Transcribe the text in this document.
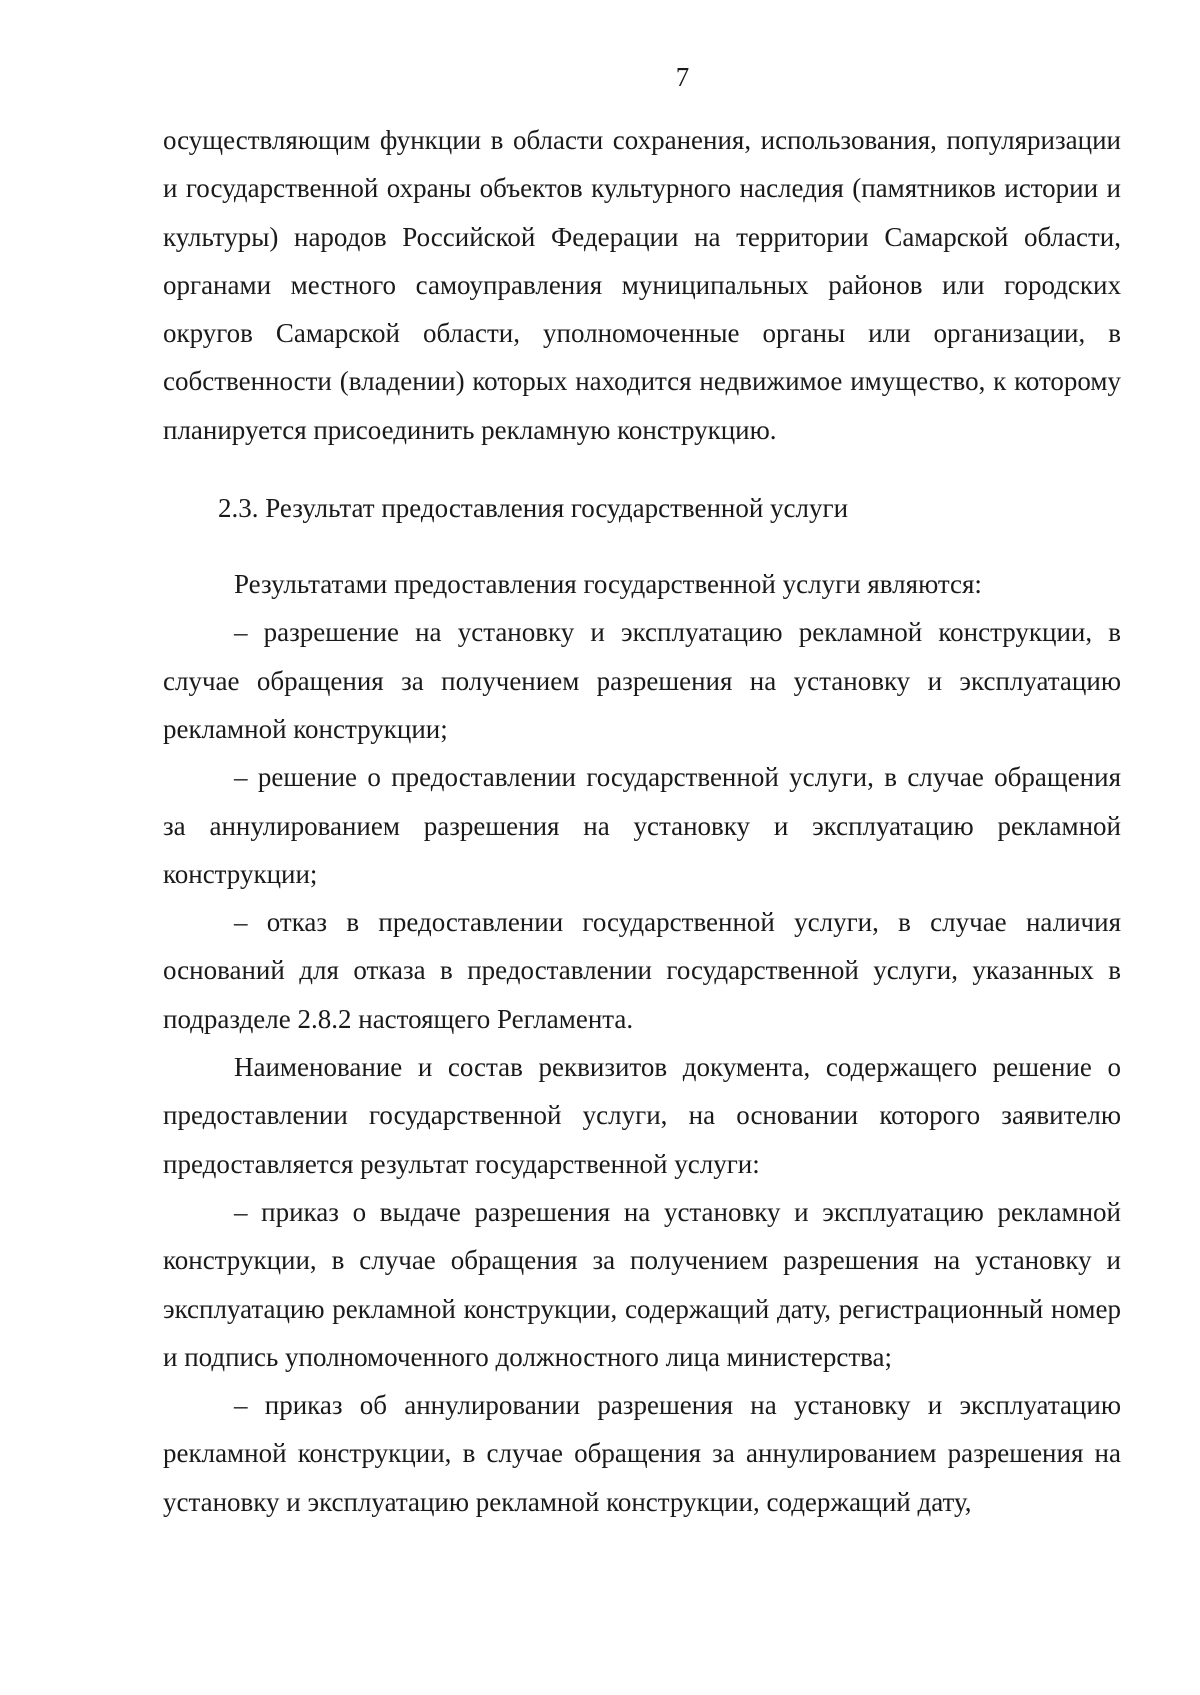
7

осуществляющим функции в области сохранения, использования, популяризации и государственной охраны объектов культурного наследия (памятников истории и культуры) народов Российской Федерации на территории Самарской области, органами местного самоуправления муниципальных районов или городских округов Самарской области, уполномоченные органы или организации, в собственности (владении) которых находится недвижимое имущество, к которому планируется присоединить рекламную конструкцию.

2.3. Результат предоставления государственной услуги

Результатами предоставления государственной услуги являются:

– разрешение на установку и эксплуатацию рекламной конструкции, в случае обращения за получением разрешения на установку и эксплуатацию рекламной конструкции;

– решение о предоставлении государственной услуги, в случае обращения за аннулированием разрешения на установку и эксплуатацию рекламной конструкции;

– отказ в предоставлении государственной услуги, в случае наличия оснований для отказа в предоставлении государственной услуги, указанных в подразделе 2.8.2 настоящего Регламента.

Наименование и состав реквизитов документа, содержащего решение о предоставлении государственной услуги, на основании которого заявителю предоставляется результат государственной услуги:

– приказ о выдаче разрешения на установку и эксплуатацию рекламной конструкции, в случае обращения за получением разрешения на установку и эксплуатацию рекламной конструкции, содержащий дату, регистрационный номер и подпись уполномоченного должностного лица министерства;

– приказ об аннулировании разрешения на установку и эксплуатацию рекламной конструкции, в случае обращения за аннулированием разрешения на установку и эксплуатацию рекламной конструкции, содержащий дату,
